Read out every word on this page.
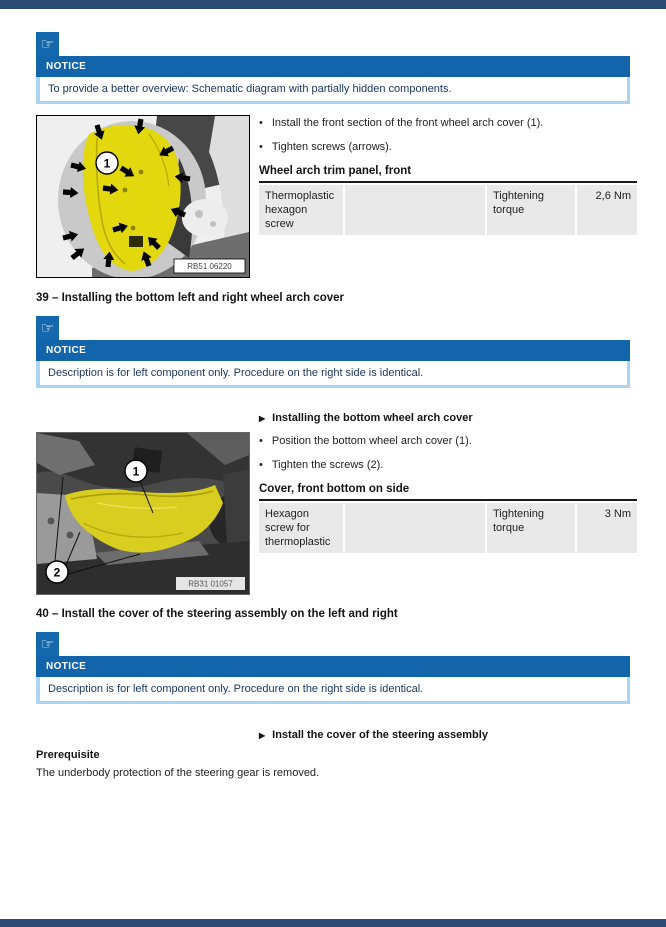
☞
NOTICE
To provide a better overview: Schematic diagram with partially hidden components.
1
RB51 06220
• Install the front section of the front wheel arch cover (1).
• Tighten screws (arrows).
Wheel arch trim panel, front
Thermoplastic hexagon screw
Tightening torque
2,6 Nm
39 – Installing the bottom left and right wheel arch cover
☞
NOTICE
Description is for left component only. Procedure on the right side is identical.
▶ Installing the bottom wheel arch cover
• Position the bottom wheel arch cover (1).
• Tighten the screws (2).
Cover, front bottom on side
Hexagon screw for thermoplastic
Tightening torque
3 Nm
1
2
RB31 01057
40 – Install the cover of the steering assembly on the left and right
☞
NOTICE
Description is for left component only. Procedure on the right side is identical.
▶ Install the cover of the steering assembly
Prerequisite
The underbody protection of the steering gear is removed.
